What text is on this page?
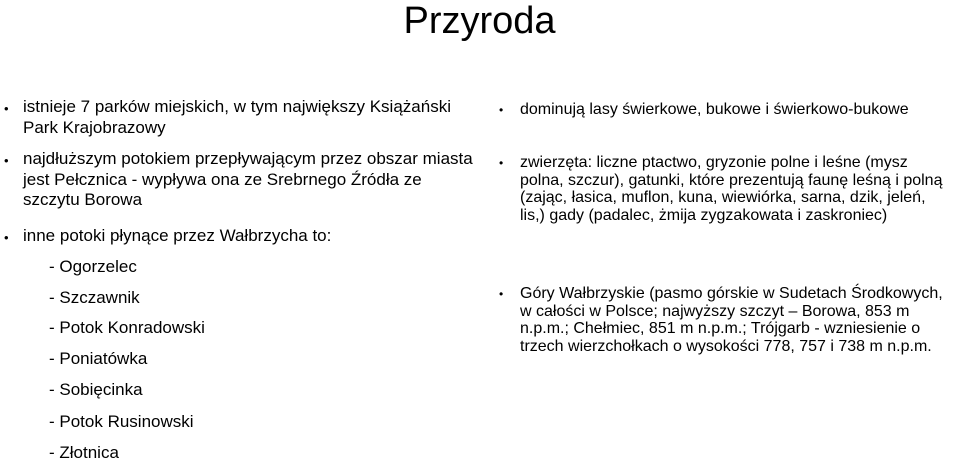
Przyroda
• istnieje 7 parków miejskich, w tym największy Książański Park Krajobrazowy
• najdłuższym potokiem przepływającym przez obszar miasta jest Pełcznica - wypływa ona ze Srebrnego Źródła ze szczytu Borowa
• inne potoki płynące przez Wałbrzycha to:
- Ogorzelec
- Szczawnik
- Potok Konradowski
- Poniatówka
- Sobięcinka
- Potok Rusinowski
- Złotnica
•	dominują lasy świerkowe, bukowe i świerkowo-bukowe
•	zwierzęta: liczne ptactwo, gryzonie polne i leśne (mysz polna, szczur), gatunki, które prezentują faunę leśną i polną (zając, łasica, muflon, kuna, wiewiórka, sarna, dzik, jeleń, lis,) gady (padalec, żmija zygzakowata i zaskroniec)
•	Góry Wałbrzyskie (pasmo górskie w Sudetach Środkowych, w całości w Polsce; najwyższy szczyt – Borowa, 853 m n.p.m.; Chełmiec, 851 m n.p.m.; Trójgarb - wzniesienie o trzech wierzchołkach o wysokości 778, 757 i 738 m n.p.m.
